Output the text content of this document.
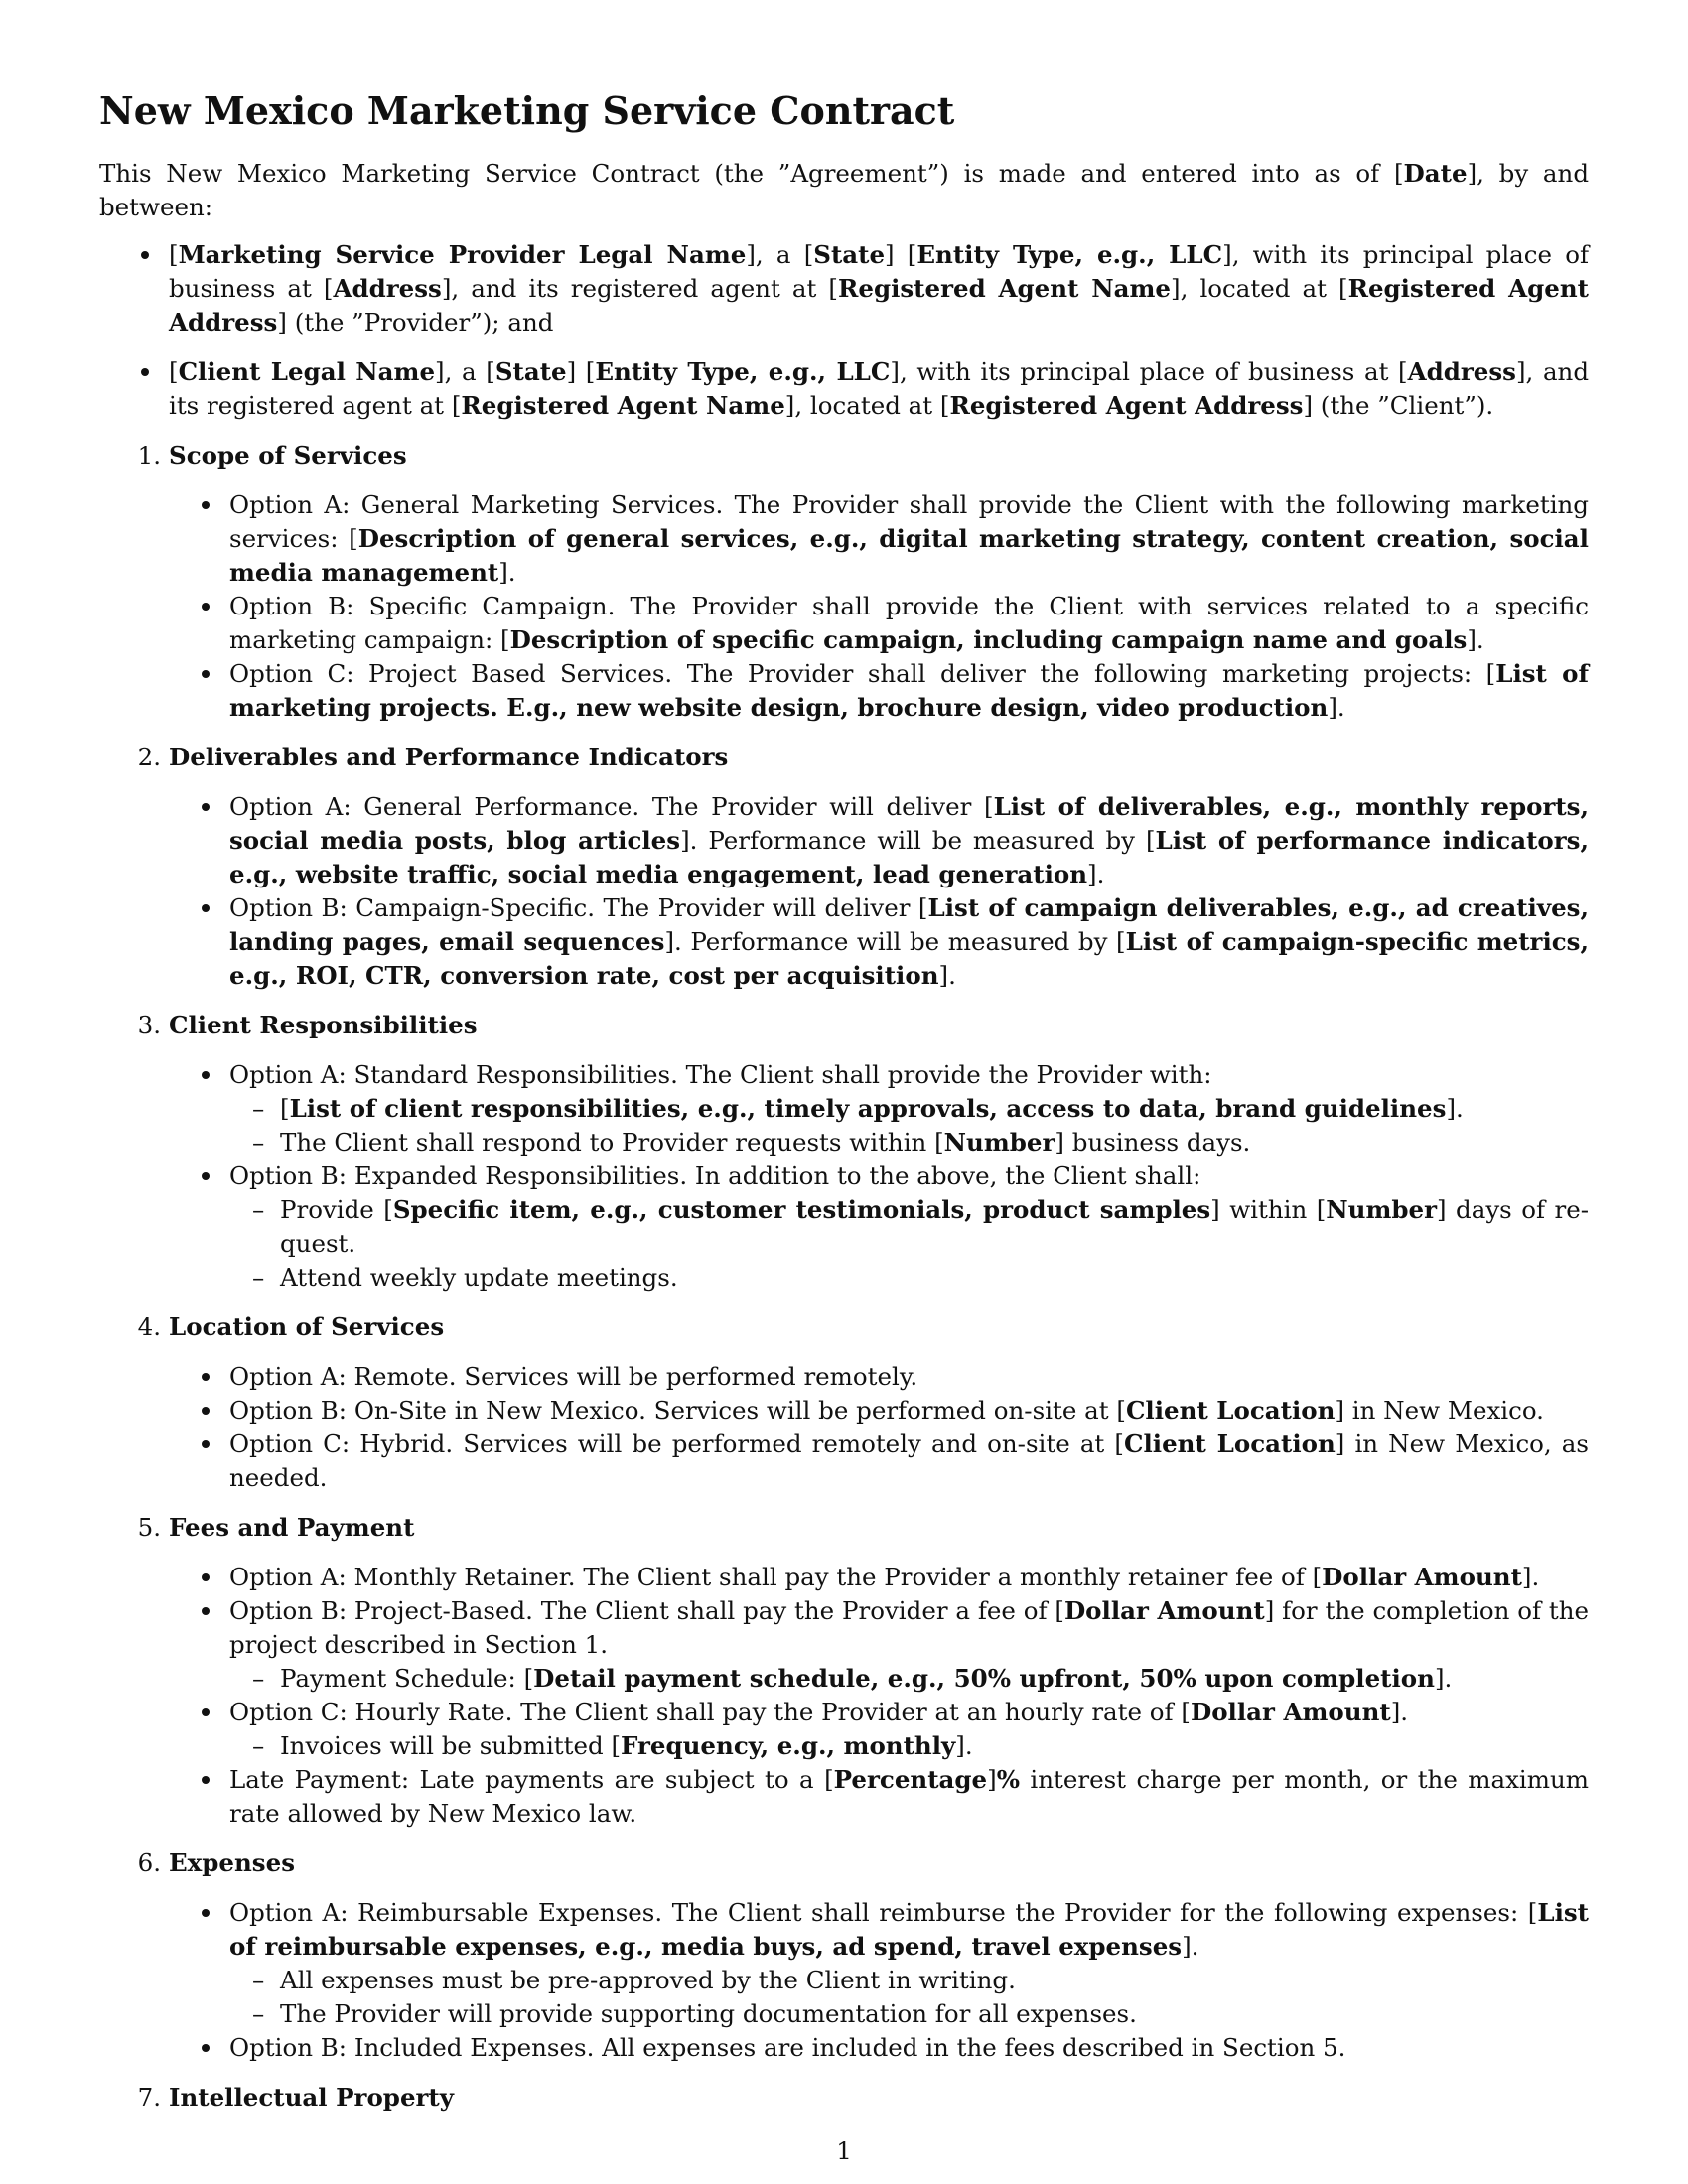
New Mexico Marketing Service Contract

This New Mexico Marketing Service Contract (the ”Agreement”) is made and entered into as of [Date], by and between:

[Marketing Service Provider Legal Name], a [State] [Entity Type, e.g., LLC], with its principal place of business at [Address], and its registered agent at [Registered Agent Name], located at [Registered Agent Address] (the ”Provider”); and
[Client Legal Name], a [State] [Entity Type, e.g., LLC], with its principal place of business at [Address], and its registered agent at [Registered Agent Name], located at [Registered Agent Address] (the ”Client”).
1. Scope of Services
Option A: General Marketing Services. The Provider shall provide the Client with the following marketing services: [Description of general services, e.g., digital marketing strategy, content creation, social media management].
Option B: Specific Campaign. The Provider shall provide the Client with services related to a specific marketing campaign: [Description of specific campaign, including campaign name and goals].
Option C: Project Based Services. The Provider shall deliver the following marketing projects: [List of marketing projects. E.g., new website design, brochure design, video production].
2. Deliverables and Performance Indicators
Option A: General Performance. The Provider will deliver [List of deliverables, e.g., monthly reports, social media posts, blog articles]. Performance will be measured by [List of performance indicators, e.g., website traffic, social media engagement, lead generation].
Option B: Campaign-Specific. The Provider will deliver [List of campaign deliverables, e.g., ad creatives, landing pages, email sequences]. Performance will be measured by [List of campaign-specific metrics, e.g., ROI, CTR, conversion rate, cost per acquisition].
3. Client Responsibilities
Option A: Standard Responsibilities. The Client shall provide the Provider with:
– [List of client responsibilities, e.g., timely approvals, access to data, brand guidelines].
– The Client shall respond to Provider requests within [Number] business days.
Option B: Expanded Responsibilities. In addition to the above, the Client shall:
– Provide [Specific item, e.g., customer testimonials, product samples] within [Number] days of re-quest.
– Attend weekly update meetings.
4. Location of Services
Option A: Remote. Services will be performed remotely.
Option B: On-Site in New Mexico. Services will be performed on-site at [Client Location] in New Mexico.
Option C: Hybrid. Services will be performed remotely and on-site at [Client Location] in New Mexico, as needed.
5. Fees and Payment
Option A: Monthly Retainer. The Client shall pay the Provider a monthly retainer fee of [Dollar Amount].
Option B: Project-Based. The Client shall pay the Provider a fee of [Dollar Amount] for the completion of the project described in Section 1.
– Payment Schedule: [Detail payment schedule, e.g., 50% upfront, 50% upon completion].
Option C: Hourly Rate. The Client shall pay the Provider at an hourly rate of [Dollar Amount].
– Invoices will be submitted [Frequency, e.g., monthly].
Late Payment: Late payments are subject to a [Percentage]% interest charge per month, or the maximum rate allowed by New Mexico law.
6. Expenses
Option A: Reimbursable Expenses. The Client shall reimburse the Provider for the following expenses: [List of reimbursable expenses, e.g., media buys, ad spend, travel expenses].
– All expenses must be pre-approved by the Client in writing.
– The Provider will provide supporting documentation for all expenses.
Option B: Included Expenses. All expenses are included in the fees described in Section 5.
7. Intellectual Property
1
